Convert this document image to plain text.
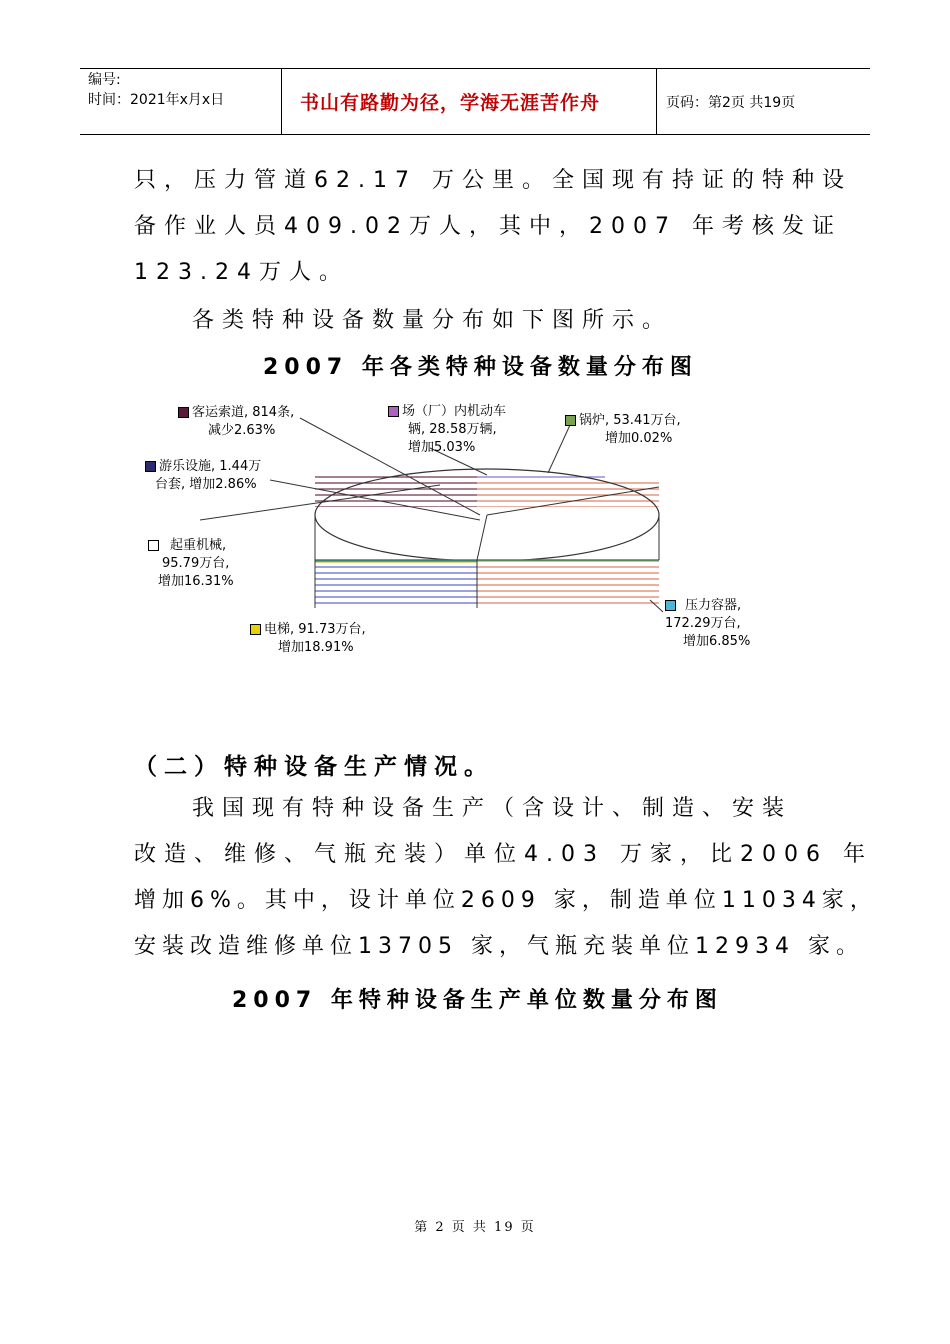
编号:
时间：2021年x月x日	书山有路勤为径，学海无涯苦作舟	页码：第2页 共19页
只，压力管道62.17 万公里。全国现有持证的特种设
备作业人员409.02万人，其中，2007 年考核发证
123.24万人。
各类特种设备数量分布如下图所示。
2007 年各类特种设备数量分布图
客运索道, 814条,
减少2.63%
场（厂）内机动车
辆, 28.58万辆,
增加5.03%
锅炉, 53.41万台,
增加0.02%
游乐设施, 1.44万
台套, 增加2.86%
起重机械,
95.79万台,
增加16.31%
压力容器,
172.29万台,
增加6.85%
电梯, 91.73万台,
增加18.91%
（二）特种设备生产情况。
我国现有特种设备生产（含设计、制造、安装
改造、维修、气瓶充装）单位4.03 万家，比2006 年
增加6%。其中，设计单位2609 家，制造单位11034家，
安装改造维修单位13705 家，气瓶充装单位12934 家。
2007 年特种设备生产单位数量分布图
第 2 页 共 19 页
